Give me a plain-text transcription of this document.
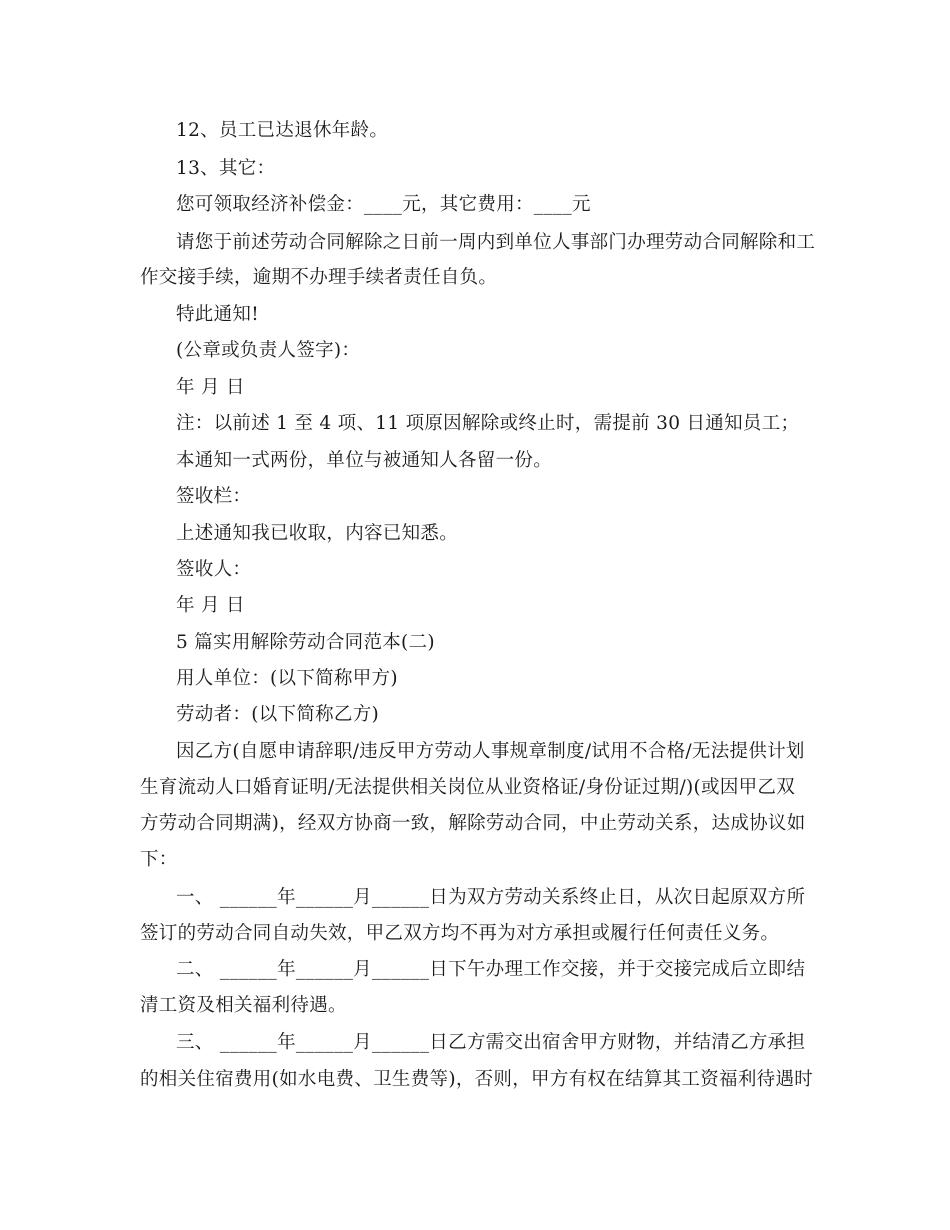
12、员工已达退休年龄。
13、其它：
您可领取经济补偿金：____元，其它费用：____元
请您于前述劳动合同解除之日前一周内到单位人事部门办理劳动合同解除和工
作交接手续，逾期不办理手续者责任自负。
特此通知!
(公章或负责人签字)：
年 月 日
注：以前述 1 至 4 项、11 项原因解除或终止时，需提前 30 日通知员工；
本通知一式两份，单位与被通知人各留一份。
签收栏：
上述通知我已收取，内容已知悉。
签收人：
年 月 日
5 篇实用解除劳动合同范本(二)
用人单位：(以下简称甲方)
劳动者：(以下简称乙方)
因乙方(自愿申请辞职/违反甲方劳动人事规章制度/试用不合格/无法提供计划
生育流动人口婚育证明/无法提供相关岗位从业资格证/身份证过期/)(或因甲乙双
方劳动合同期满)，经双方协商一致，解除劳动合同，中止劳动关系，达成协议如
下：
一、 ______年______月______日为双方劳动关系终止日，从次日起原双方所
签订的劳动合同自动失效，甲乙双方均不再为对方承担或履行任何责任义务。
二、 ______年______月______日下午办理工作交接，并于交接完成后立即结
清工资及相关福利待遇。
三、 ______年______月______日乙方需交出宿舍甲方财物，并结清乙方承担
的相关住宿费用(如水电费、卫生费等)，否则，甲方有权在结算其工资福利待遇时
